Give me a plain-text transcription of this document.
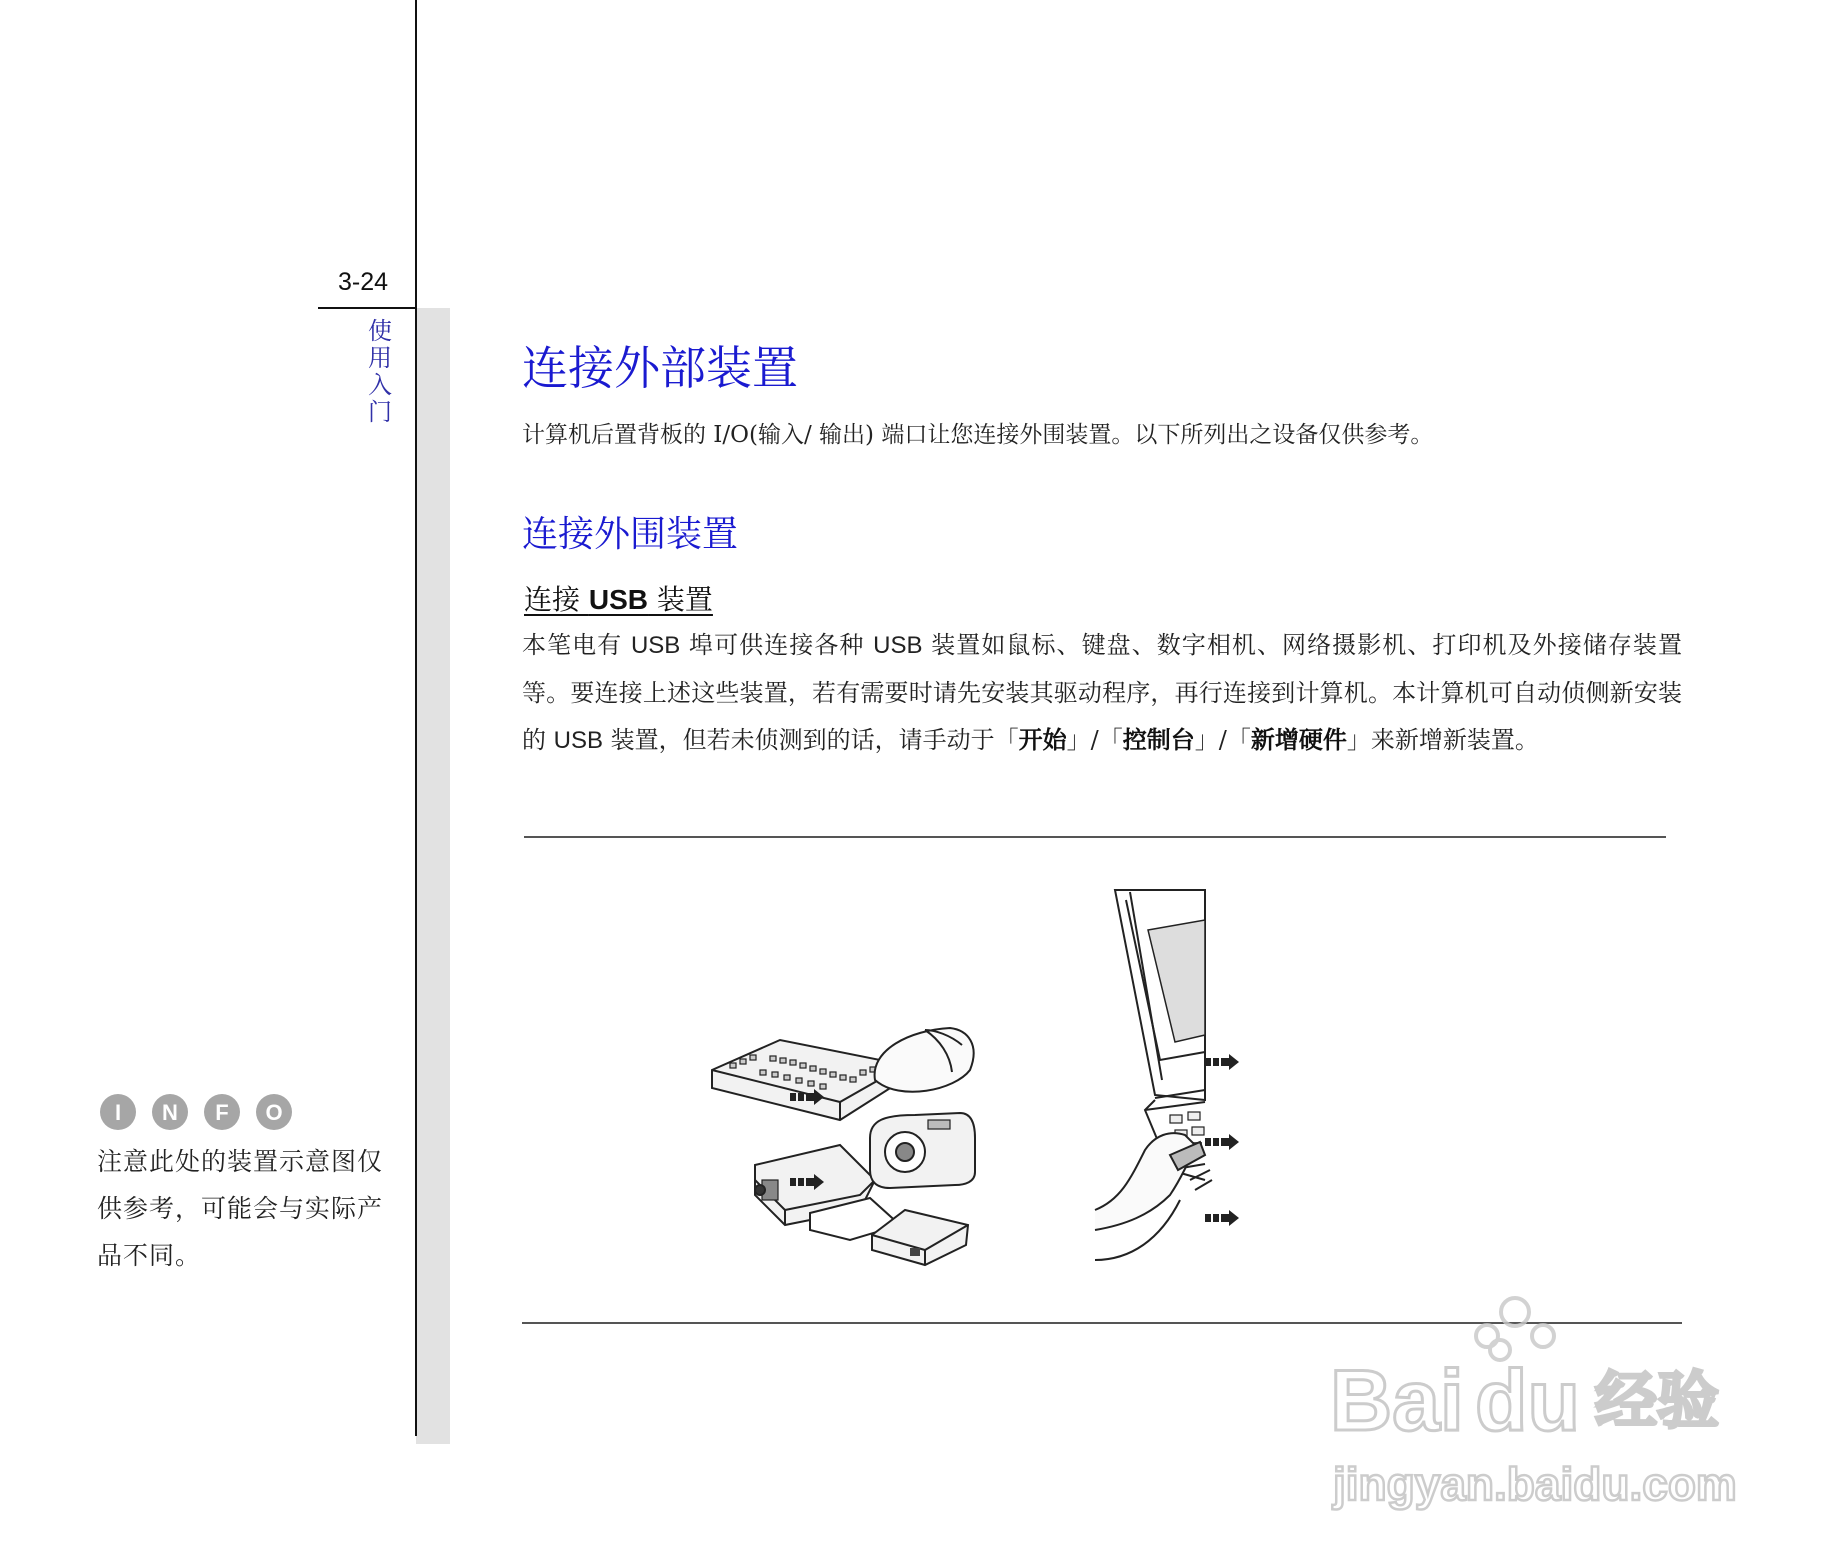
3-24
使
用
入
门
I N F O
注意此处的装置示意图仅供参考，可能会与实际产品不同。
连接外部装置
计算机后置背板的 I/O(输入/ 输出) 端口让您连接外围装置。以下所列出之设备仅供参考。
连接外围装置
连接 USB 装置
本笔电有 USB 埠可供连接各种 USB 装置如鼠标、键盘、数字相机、网络摄影机、打印机及外接储存装置等。要连接上述这些装置，若有需要时请先安装其驱动程序，再行连接到计算机。本计算机可自动侦侧新安装的 USB 装置，但若未侦测到的话，请手动于「开始」/「控制台」/「新增硬件」来新增新装置。
Bai du 经验
jingyan.baidu.com
